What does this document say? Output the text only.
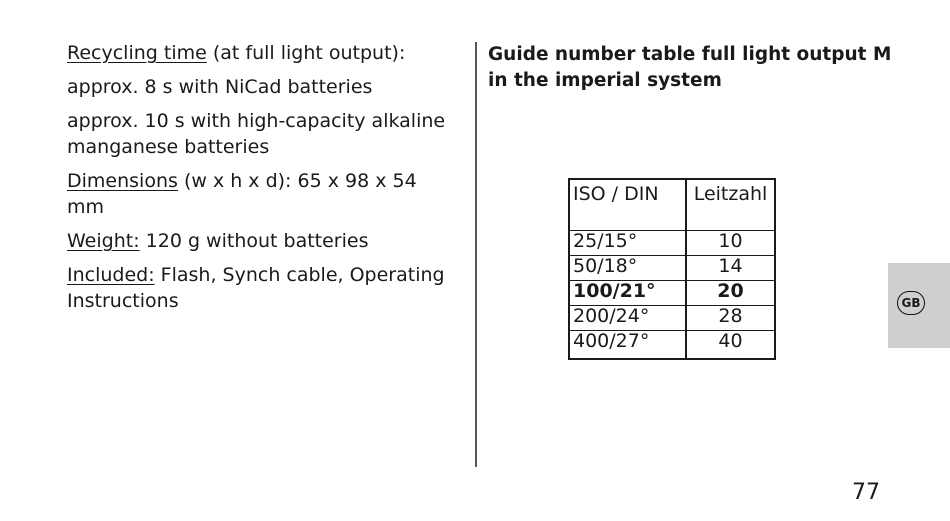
Recycling time (at full light output):

approx. 8 s with NiCad batteries

approx. 10 s with high-capacity alkaline manganese batteries

Dimensions (w x h x d): 65 x 98 x 54 mm

Weight: 120 g without batteries

Included: Flash, Synch cable, Operating Instructions

Guide number table full light output M in the imperial system
ISO / DIN	Leitzahl
25/15°	10
50/18°	14
100/21°	20
200/24°	28
400/27°	40
GB
77
